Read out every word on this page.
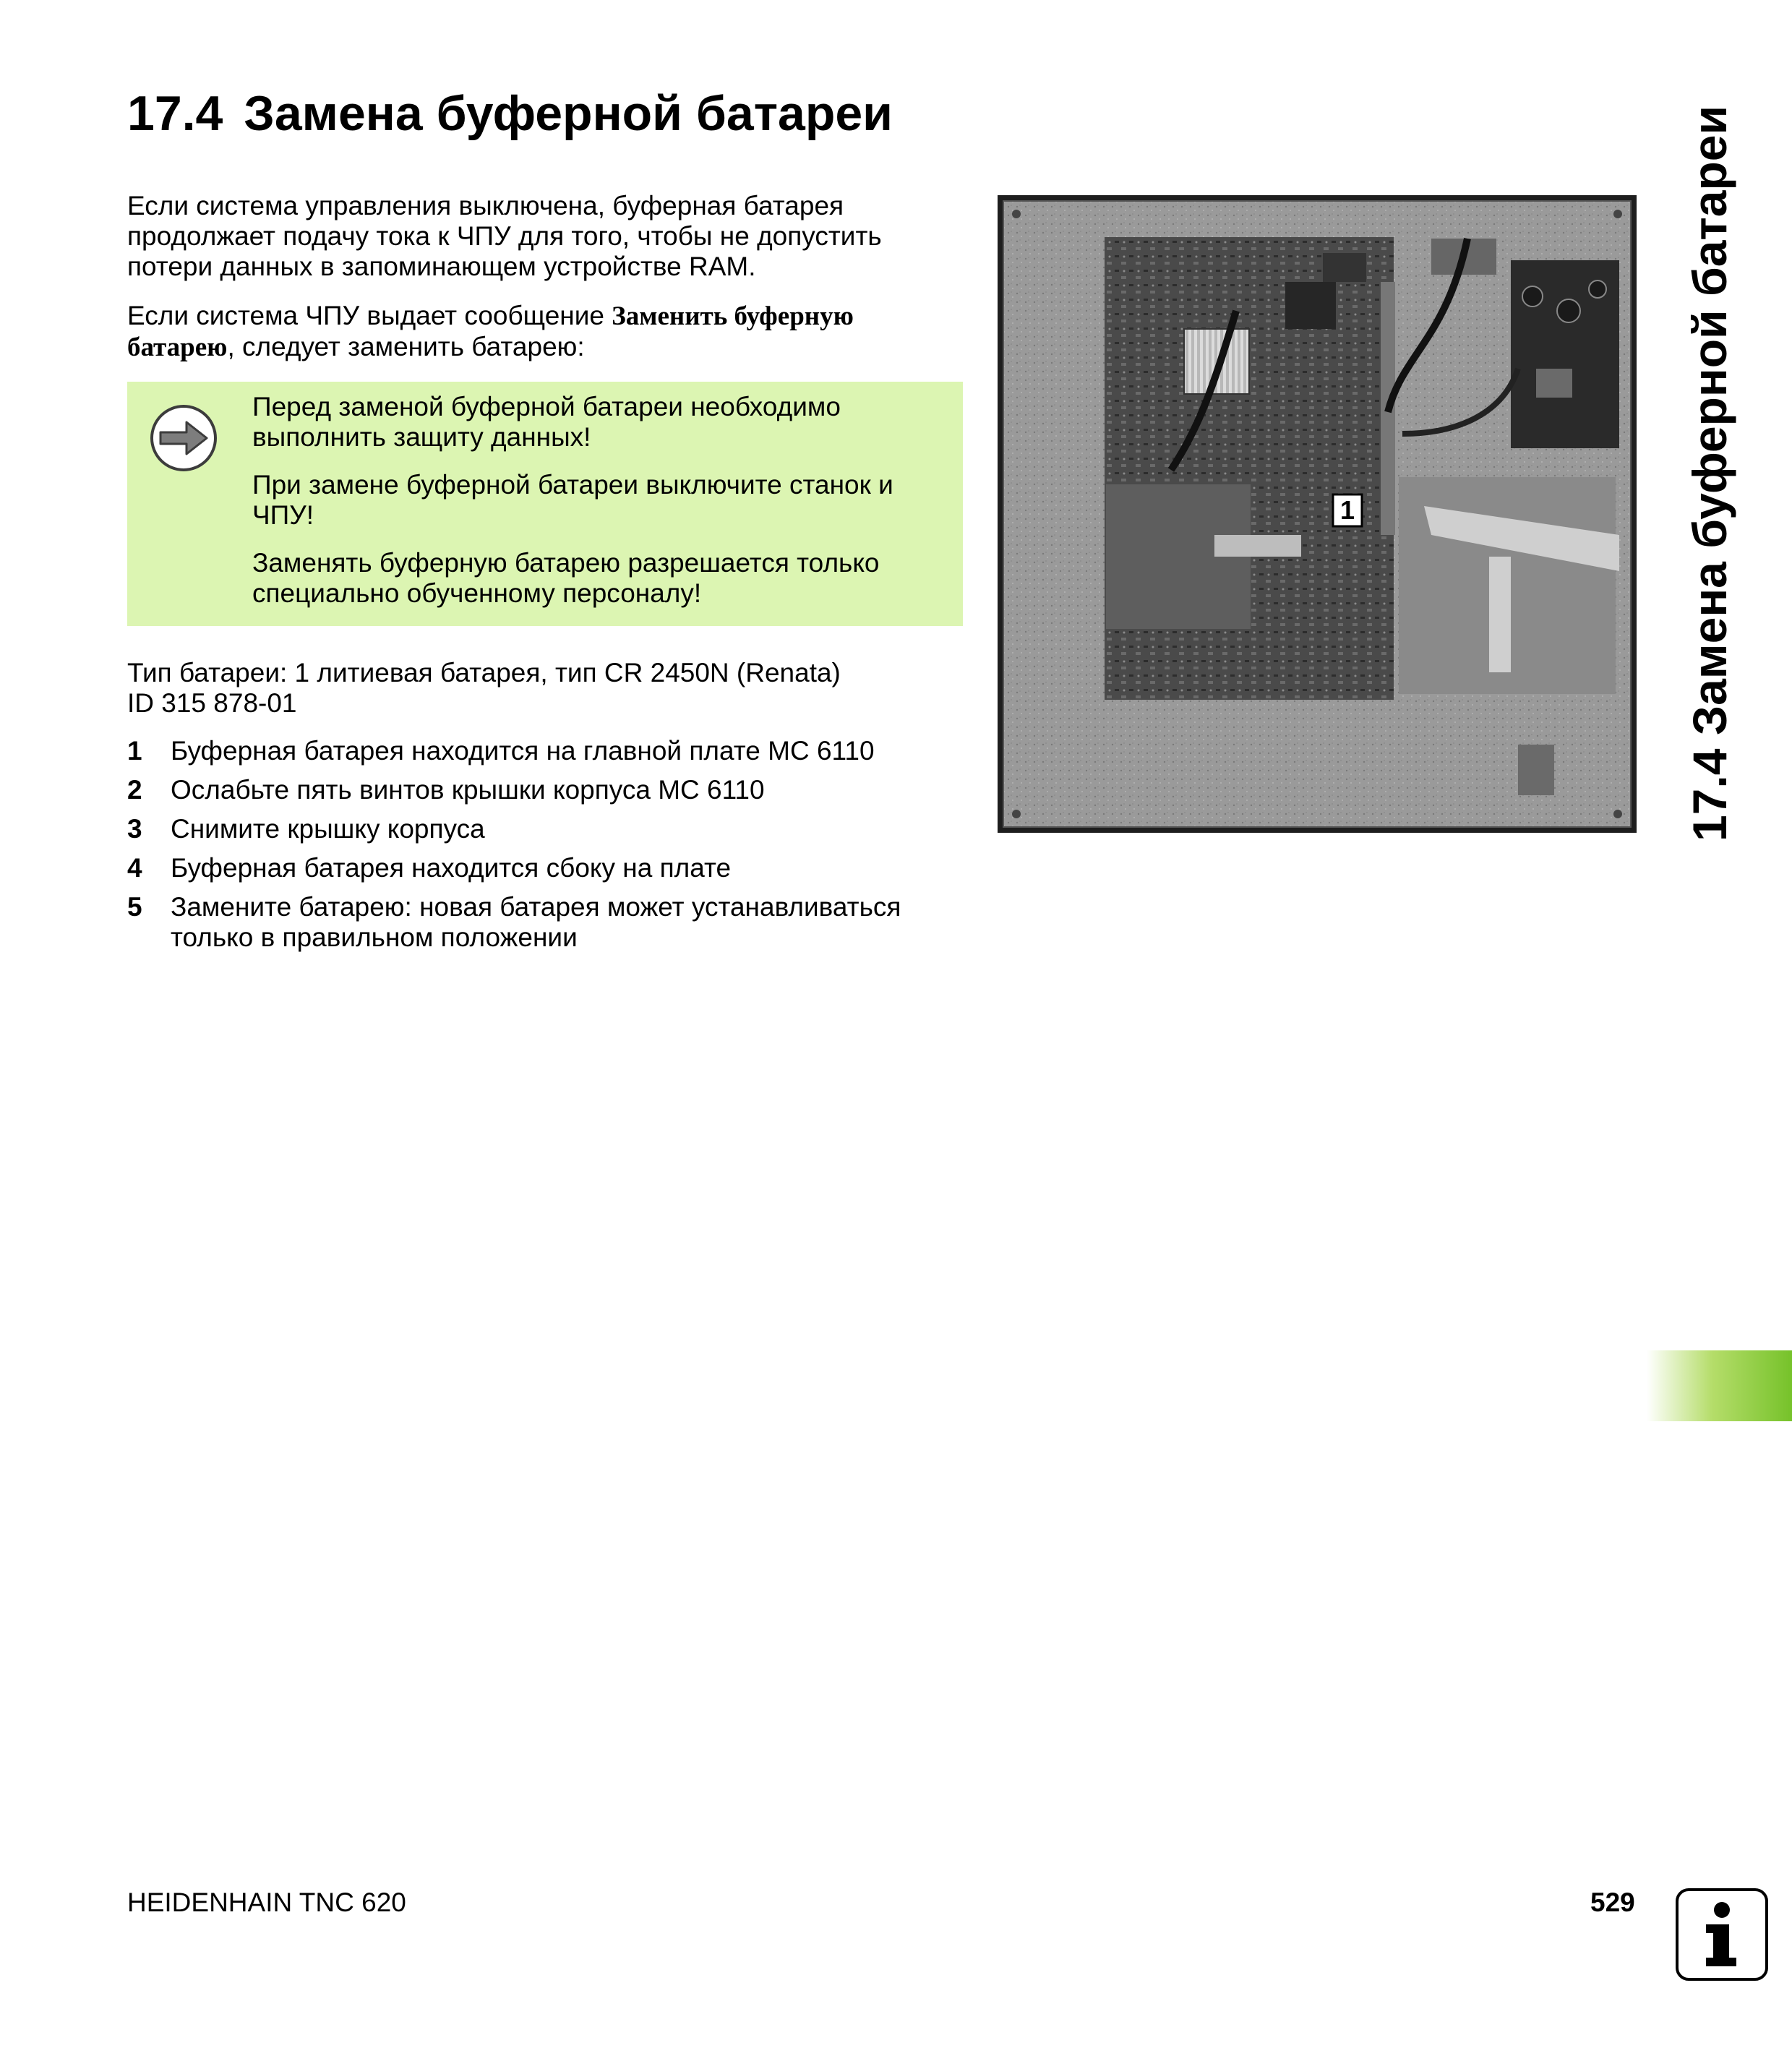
17.4 Замена буферной батареи

Если система управления выключена, буферная батарея продолжает подачу тока к ЧПУ для того, чтобы не допустить потери данных в запоминающем устройстве RAM.

Если система ЧПУ выдает сообщение Заменить буферную батарею, следует заменить батарею:

Перед заменой буферной батареи необходимо выполнить защиту данных!

При замене буферной батареи выключите станок и ЧПУ!

Заменять буферную батарею разрешается только специально обученному персоналу!

Тип батареи: 1 литиевая батарея, тип CR 2450N (Renata)
ID 315 878-01

1 Буферная батарея находится на главной плате MC 6110
2 Ослабьте пять винтов крышки корпуса MC 6110
3 Снимите крышку корпуса
4 Буферная батарея находится сбоку на плате
5 Замените батарею: новая батарея может устанавливаться только в правильном положении
1	17.4 Замена буферной батареи
HEIDENHAIN TNC 620	529
